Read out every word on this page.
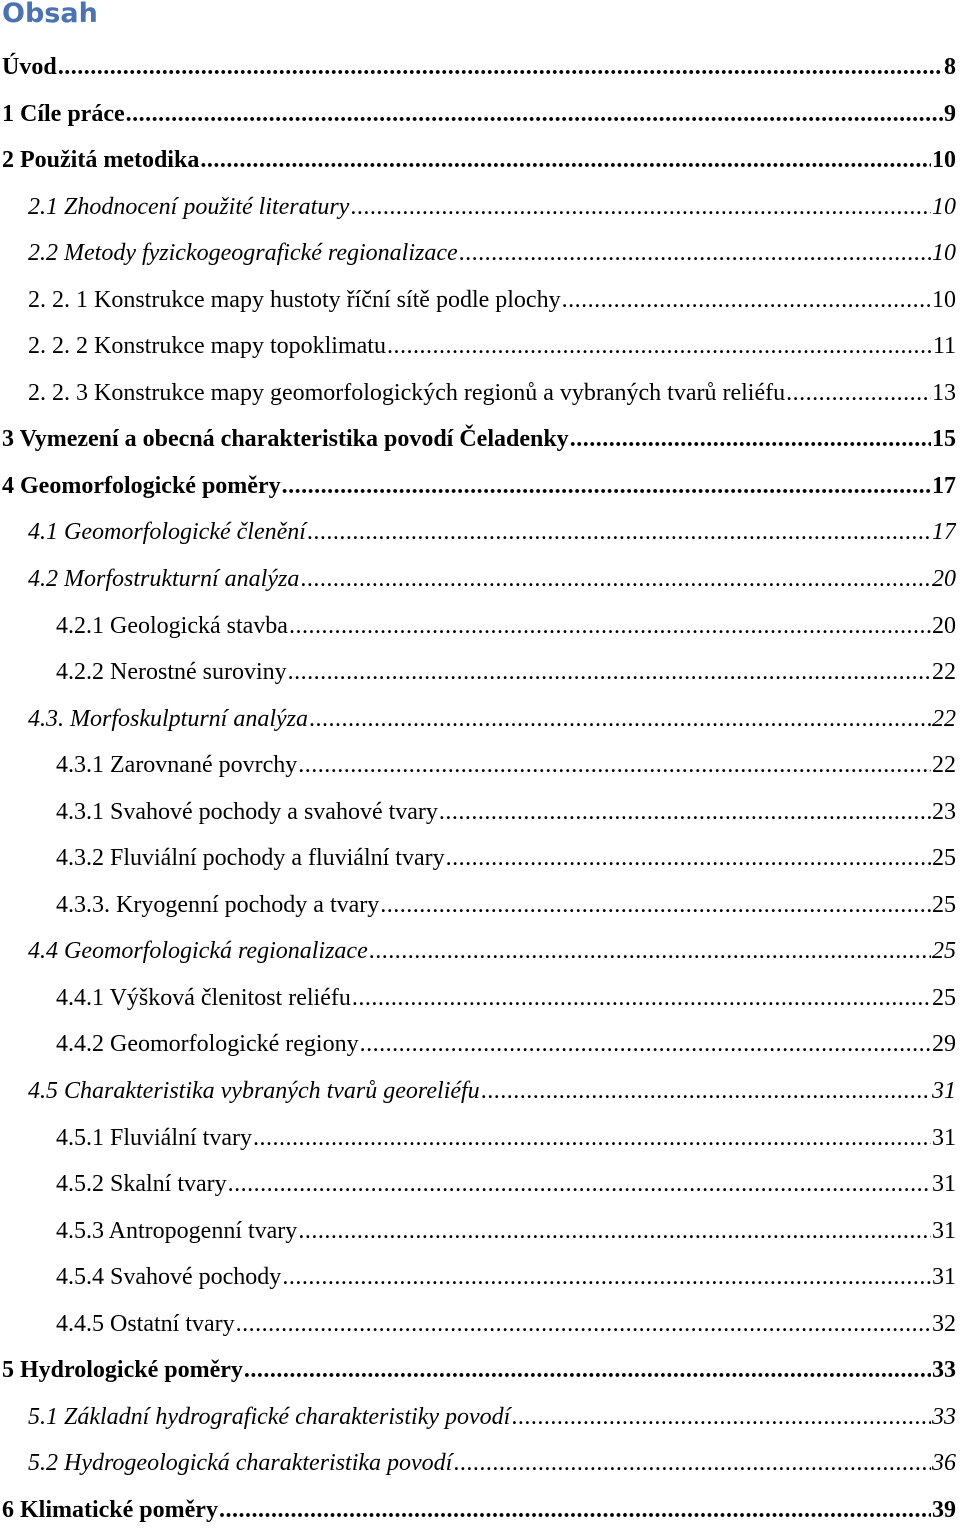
Obsah
Úvod .....	8
1 Cíle práce .....	9
2 Použitá metodika .....	10
2.1 Zhodnocení použité literatury .....	10
2.2 Metody fyzickogeografické regionalizace .....	10
2. 2. 1 Konstrukce mapy hustoty říční sítě podle plochy .....	10
2. 2. 2 Konstrukce mapy topoklimatu .....	11
2. 2. 3 Konstrukce mapy geomorfologických regionů a vybraných tvarů reliéfu .....	13
3 Vymezení a obecná charakteristika povodí Čeladenky .....	15
4 Geomorfologické poměry .....	17
4.1 Geomorfologické členění .....	17
4.2 Morfostrukturní analýza .....	20
4.2.1 Geologická stavba .....	20
4.2.2 Nerostné suroviny .....	22
4.3. Morfoskulpturní analýza .....	22
4.3.1 Zarovnané povrchy .....	22
4.3.1 Svahové pochody a svahové tvary .....	23
4.3.2 Fluviální pochody a fluviální tvary .....	25
4.3.3. Kryogenní pochody a tvary .....	25
4.4 Geomorfologická regionalizace .....	25
4.4.1 Výšková členitost reliéfu .....	25
4.4.2 Geomorfologické regiony .....	29
4.5 Charakteristika vybraných tvarů georeliéfu .....	31
4.5.1 Fluviální tvary .....	31
4.5.2 Skalní tvary .....	31
4.5.3 Antropogenní tvary .....	31
4.5.4 Svahové pochody .....	31
4.4.5 Ostatní tvary .....	32
5 Hydrologické poměry .....	33
5.1 Základní hydrografické charakteristiky povodí .....	33
5.2 Hydrogeologická charakteristika povodí .....	36
6 Klimatické poměry .....	39
